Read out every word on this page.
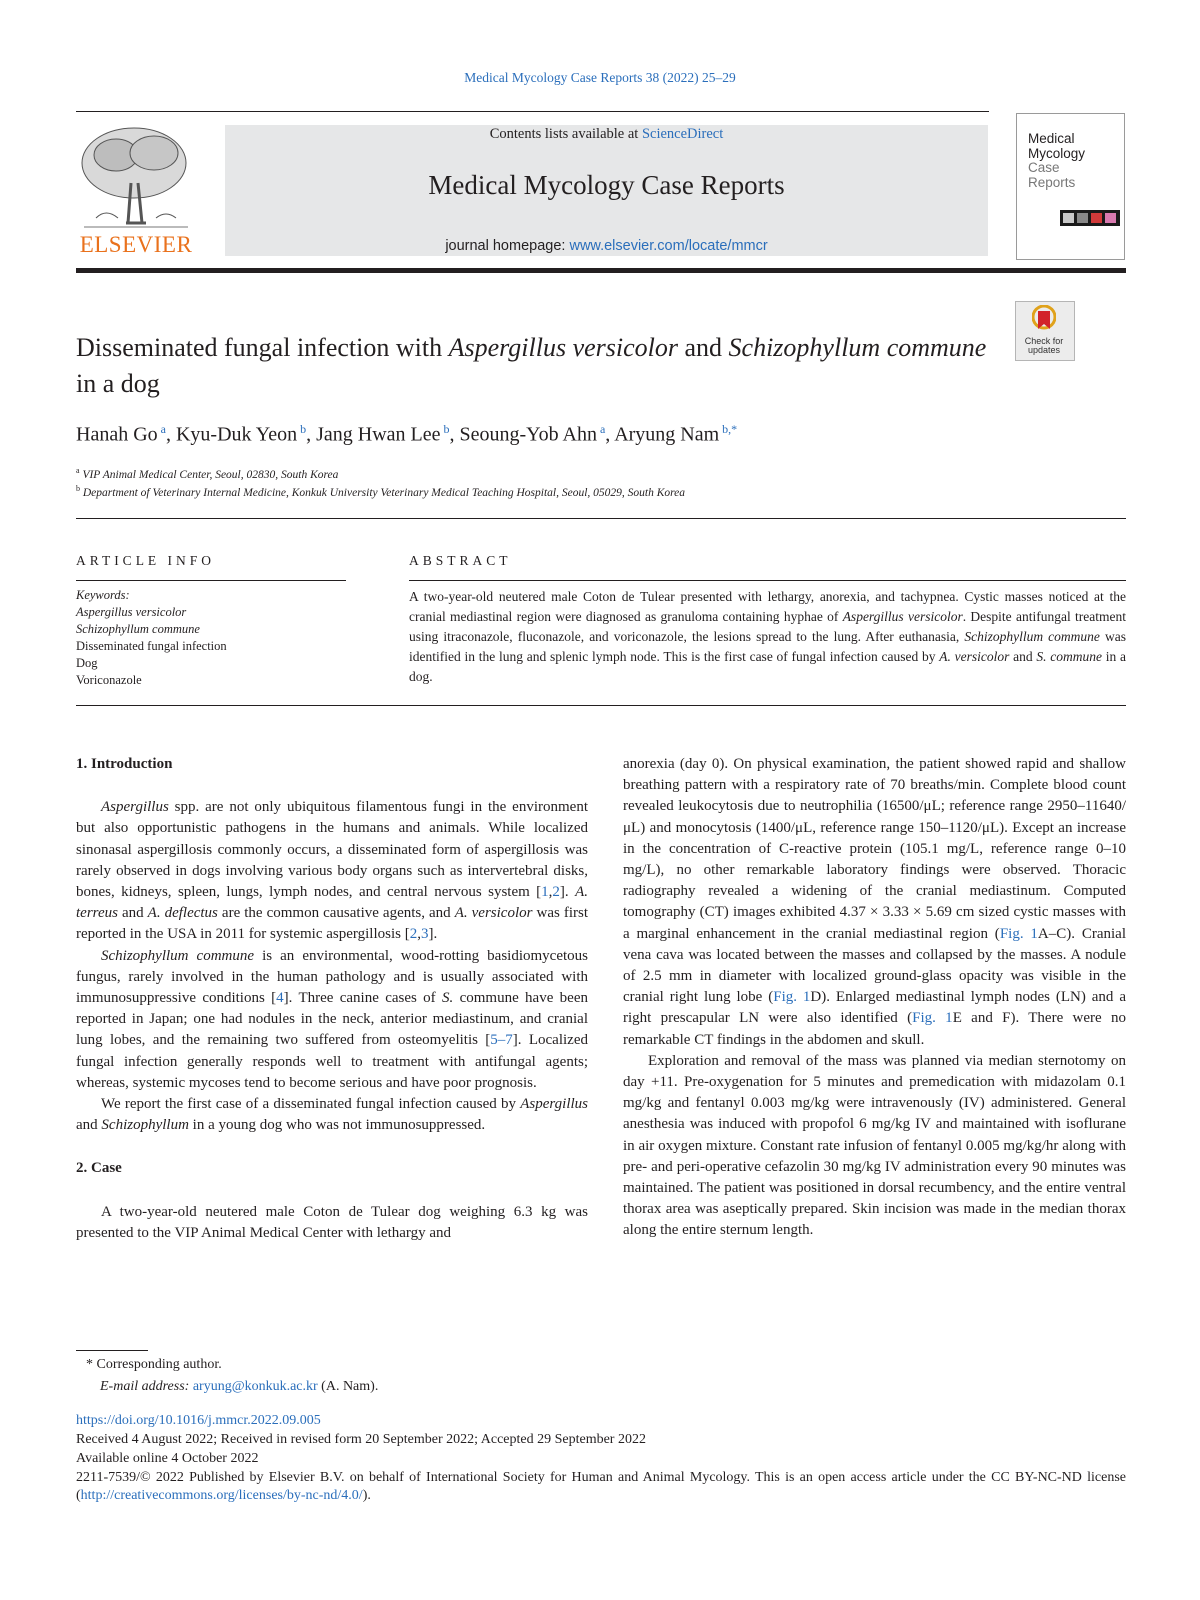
Medical Mycology Case Reports 38 (2022) 25–29
ELSEVIER
Contents lists available at ScienceDirect
Medical Mycology Case Reports
journal homepage: www.elsevier.com/locate/mmcr
Medical
Mycology
Case
Reports
Check for
updates
Disseminated fungal infection with Aspergillus versicolor and Schizophyllum commune in a dog
Hanah Go $^a$, Kyu-Duk Yeon $^b$, Jang Hwan Lee $^b$, Seoung-Yob Ahn $^a$, Aryung Nam $^{b,*}$
$^a$ VIP Animal Medical Center, Seoul, 02830, South Korea
$^b$ Department of Veterinary Internal Medicine, Konkuk University Veterinary Medical Teaching Hospital, Seoul, 05029, South Korea
ARTICLE INFO	ABSTRACT
Keywords:
Aspergillus versicolor
Schizophyllum commune
Disseminated fungal infection
Dog
Voriconazole
A two-year-old neutered male Coton de Tulear presented with lethargy, anorexia, and tachypnea. Cystic masses noticed at the cranial mediastinal region were diagnosed as granuloma containing hyphae of Aspergillus versicolor. Despite antifungal treatment using itraconazole, fluconazole, and voriconazole, the lesions spread to the lung. After euthanasia, Schizophyllum commune was identified in the lung and splenic lymph node. This is the first case of fungal infection caused by A. versicolor and S. commune in a dog.

1. Introduction

Aspergillus spp. are not only ubiquitous filamentous fungi in the environment but also opportunistic pathogens in the humans and animals. While localized sinonasal aspergillosis commonly occurs, a disseminated form of aspergillosis was rarely observed in dogs involving various body organs such as intervertebral disks, bones, kidneys, spleen, lungs, lymph nodes, and central nervous system [1,2]. A. terreus and A. deflectus are the common causative agents, and A. versicolor was first reported in the USA in 2011 for systemic aspergillosis [2,3].

Schizophyllum commune is an environmental, wood-rotting basidiomycetous fungus, rarely involved in the human pathology and is usually associated with immunosuppressive conditions [4]. Three canine cases of S. commune have been reported in Japan; one had nodules in the neck, anterior mediastinum, and cranial lung lobes, and the remaining two suffered from osteomyelitis [5–7]. Localized fungal infection generally responds well to treatment with antifungal agents; whereas, systemic mycoses tend to become serious and have poor prognosis.

We report the first case of a disseminated fungal infection caused by Aspergillus and Schizophyllum in a young dog who was not immunosuppressed.

2. Case

A two-year-old neutered male Coton de Tulear dog weighing 6.3 kg was presented to the VIP Animal Medical Center with lethargy and

anorexia (day 0). On physical examination, the patient showed rapid and shallow breathing pattern with a respiratory rate of 70 breaths/min. Complete blood count revealed leukocytosis due to neutrophilia (16500/μL; reference range 2950–11640/μL) and monocytosis (1400/μL, reference range 150–1120/μL). Except an increase in the concentration of C-reactive protein (105.1 mg/L, reference range 0–10 mg/L), no other remarkable laboratory findings were observed. Thoracic radiography revealed a widening of the cranial mediastinum. Computed tomography (CT) images exhibited 4.37 × 3.33 × 5.69 cm sized cystic masses with a marginal enhancement in the cranial mediastinal region (Fig. 1A–C). Cranial vena cava was located between the masses and collapsed by the masses. A nodule of 2.5 mm in diameter with localized ground-glass opacity was visible in the cranial right lung lobe (Fig. 1D). Enlarged mediastinal lymph nodes (LN) and a right prescapular LN were also identified (Fig. 1E and F). There were no remarkable CT findings in the abdomen and skull.

Exploration and removal of the mass was planned via median sternotomy on day +11. Pre-oxygenation for 5 minutes and premedication with midazolam 0.1 mg/kg and fentanyl 0.003 mg/kg were intravenously (IV) administered. General anesthesia was induced with propofol 6 mg/kg IV and maintained with isoflurane in air oxygen mixture. Constant rate infusion of fentanyl 0.005 mg/kg/hr along with pre- and peri-operative cefazolin 30 mg/kg IV administration every 90 minutes was maintained. The patient was positioned in dorsal recumbency, and the entire ventral thorax area was aseptically prepared. Skin incision was made in the median thorax along the entire sternum length.

* Corresponding author.
E-mail address: aryung@konkuk.ac.kr (A. Nam).
https://doi.org/10.1016/j.mmcr.2022.09.005
Received 4 August 2022; Received in revised form 20 September 2022; Accepted 29 September 2022
Available online 4 October 2022
2211-7539/© 2022 Published by Elsevier B.V. on behalf of International Society for Human and Animal Mycology. This is an open access article under the CC BY-NC-ND license (http://creativecommons.org/licenses/by-nc-nd/4.0/).
